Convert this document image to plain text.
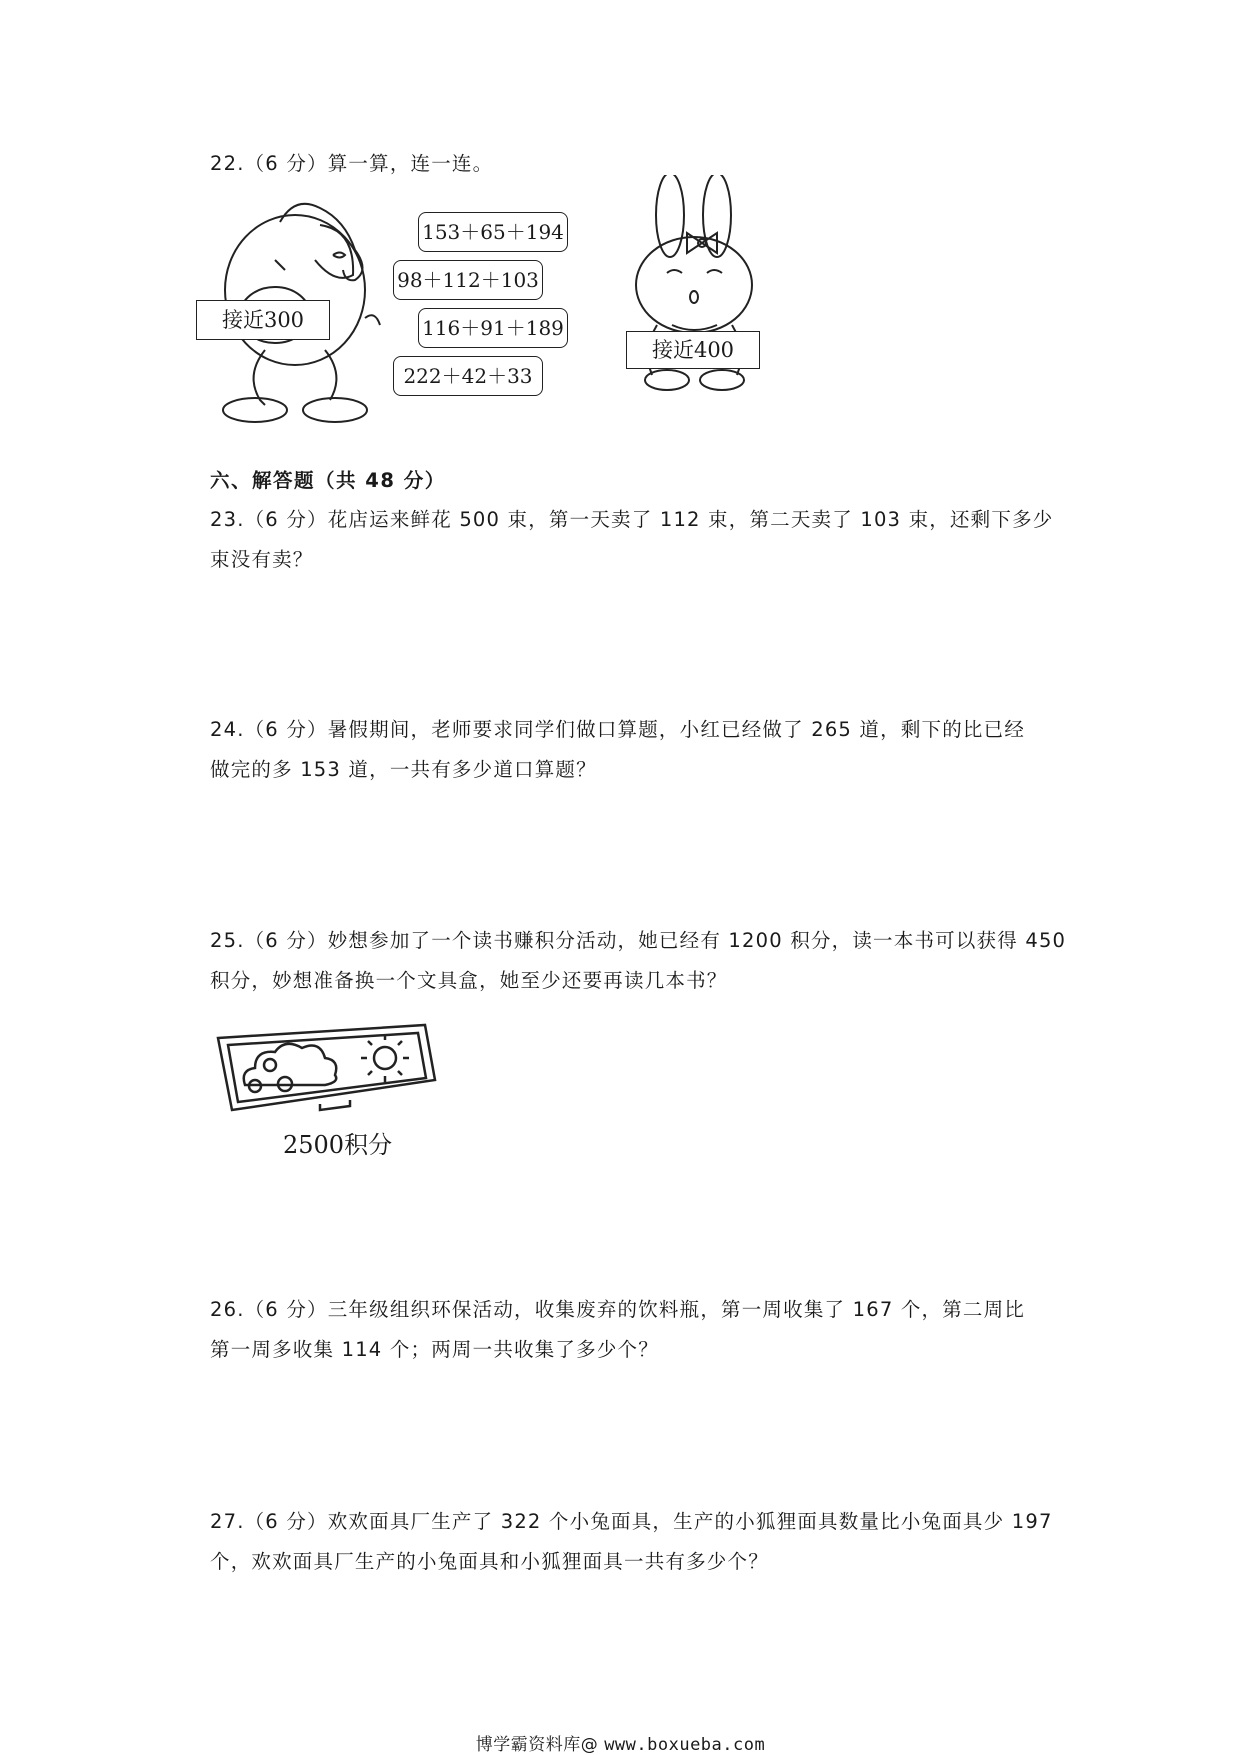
22.（6 分）算一算，连一连。
接近300
153＋65＋194
98＋112＋103
116＋91＋189
222＋42＋33
接近400
六、解答题（共 48 分）
23.（6 分）花店运来鲜花 500 束，第一天卖了 112 束，第二天卖了 103 束，还剩下多少
束没有卖？
24.（6 分）暑假期间，老师要求同学们做口算题，小红已经做了 265 道，剩下的比已经
做完的多 153 道，一共有多少道口算题？
25.（6 分）妙想参加了一个读书赚积分活动，她已经有 1200 积分，读一本书可以获得 450
积分，妙想准备换一个文具盒，她至少还要再读几本书？
2500积分
26.（6 分）三年级组织环保活动，收集废弃的饮料瓶，第一周收集了 167 个，第二周比
第一周多收集 114 个；两周一共收集了多少个？
27.（6 分）欢欢面具厂生产了 322 个小兔面具，生产的小狐狸面具数量比小兔面具少 197
个，欢欢面具厂生产的小兔面具和小狐狸面具一共有多少个？
博学霸资料库@ www.boxueba.com
